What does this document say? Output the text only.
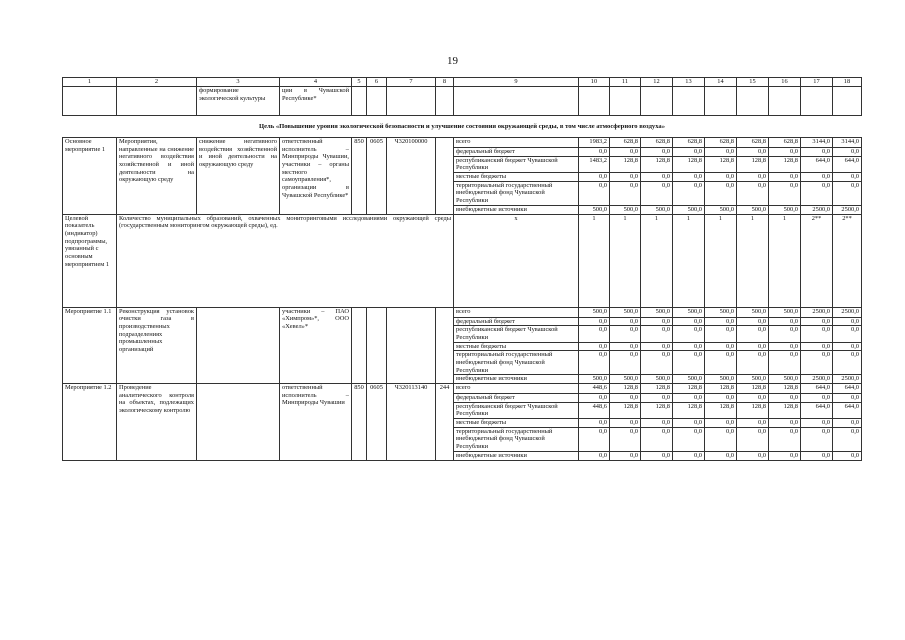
19
1	2	3	4	5	6	7	8	9	10	11	12	13	14	15	16	17	18
		формирование экологической культуры	ции в Чувашской Республике*														
Цель «Повышение уровня экологической безопасности и улучшение состояния окружающей среды, в том числе атмосферного воздуха»																	
Основное мероприятие 1	Мероприятия, направленные на снижение негативного воздействия хозяйственной и иной деятельности на окружающую среду	снижение негативного воздействия хозяйственной и иной деятельности на окружающую среду	ответственный исполнитель – Минприроды Чувашии, участники – органы местного самоуправления*, организации в Чувашской Республике*	850	0605	Ч320100000		всего	1983,2	628,8	628,8	628,8	628,8	628,8	628,8	3144,0	3144,0
								федеральный бюджет	0,0	0,0	0,0	0,0	0,0	0,0	0,0	0,0	0,0
								республиканский бюджет Чувашской Республики	1483,2	128,8	128,8	128,8	128,8	128,8	128,8	644,0	644,0
								местные бюджеты	0,0	0,0	0,0	0,0	0,0	0,0	0,0	0,0	0,0
								территориальный государственный внебюджетный фонд Чувашской Республики	0,0	0,0	0,0	0,0	0,0	0,0	0,0	0,0	0,0
								внебюджетные источники	500,0	500,0	500,0	500,0	500,0	500,0	500,0	2500,0	2500,0
Целевой показатель (индикатор) подпрограммы, увязанный с основным мероприятием 1	Количество муниципальных образований, охваченных мониторинговыми исследованиями окружающей среды (государственным мониторингом окружающей среды), ед.							x	1	1	1	1	1	1	1	2**	2**
Мероприятие 1.1	Реконструкция установок очистки газа в производственных подразделениях промышленных организаций		участники – ПАО «Химпром»*, ООО «Хевел»*					всего	500,0	500,0	500,0	500,0	500,0	500,0	500,0	2500,0	2500,0
								федеральный бюджет	0,0	0,0	0,0	0,0	0,0	0,0	0,0	0,0	0,0
								республиканский бюджет Чувашской Республики	0,0	0,0	0,0	0,0	0,0	0,0	0,0	0,0	0,0
								местные бюджеты	0,0	0,0	0,0	0,0	0,0	0,0	0,0	0,0	0,0
								территориальный государственный внебюджетный фонд Чувашской Республики	0,0	0,0	0,0	0,0	0,0	0,0	0,0	0,0	0,0
								внебюджетные источники	500,0	500,0	500,0	500,0	500,0	500,0	500,0	2500,0	2500,0
Мероприятие 1.2	Проведение аналитического контроля на объектах, подлежащих экологическому контролю		ответственный исполнитель – Минприроды Чувашии	850	0605	Ч320113140	244	всего	448,6	128,8	128,8	128,8	128,8	128,8	128,8	644,0	644,0
								федеральный бюджет	0,0	0,0	0,0	0,0	0,0	0,0	0,0	0,0	0,0
								республиканский бюджет Чувашской Республики	448,6	128,8	128,8	128,8	128,8	128,8	128,8	644,0	644,0
								местные бюджеты	0,0	0,0	0,0	0,0	0,0	0,0	0,0	0,0	0,0
								территориальный государственный внебюджетный фонд Чувашской Республики	0,0	0,0	0,0	0,0	0,0	0,0	0,0	0,0	0,0
								внебюджетные источники	0,0	0,0	0,0	0,0	0,0	0,0	0,0	0,0	0,0
